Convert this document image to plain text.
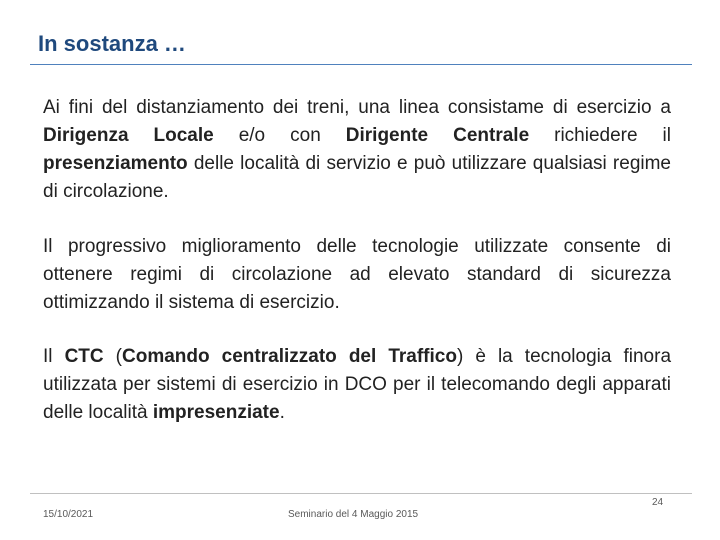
In sostanza …
Ai fini del distanziamento dei treni, una linea consistame di esercizio a Dirigenza Locale e/o con Dirigente Centrale richiedere il presenziamento delle località di servizio e può utilizzare qualsiasi regime di circolazione.
Il progressivo miglioramento delle tecnologie utilizzate consente di ottenere regimi di circolazione ad elevato standard di sicurezza ottimizzando il sistema di esercizio.
Il CTC (Comando centralizzato del Traffico) è la tecnologia finora utilizzata per sistemi di esercizio in DCO per il telecomando degli apparati delle località impresenziate.
15/10/2021	Seminario del 4 Maggio 2015
24
